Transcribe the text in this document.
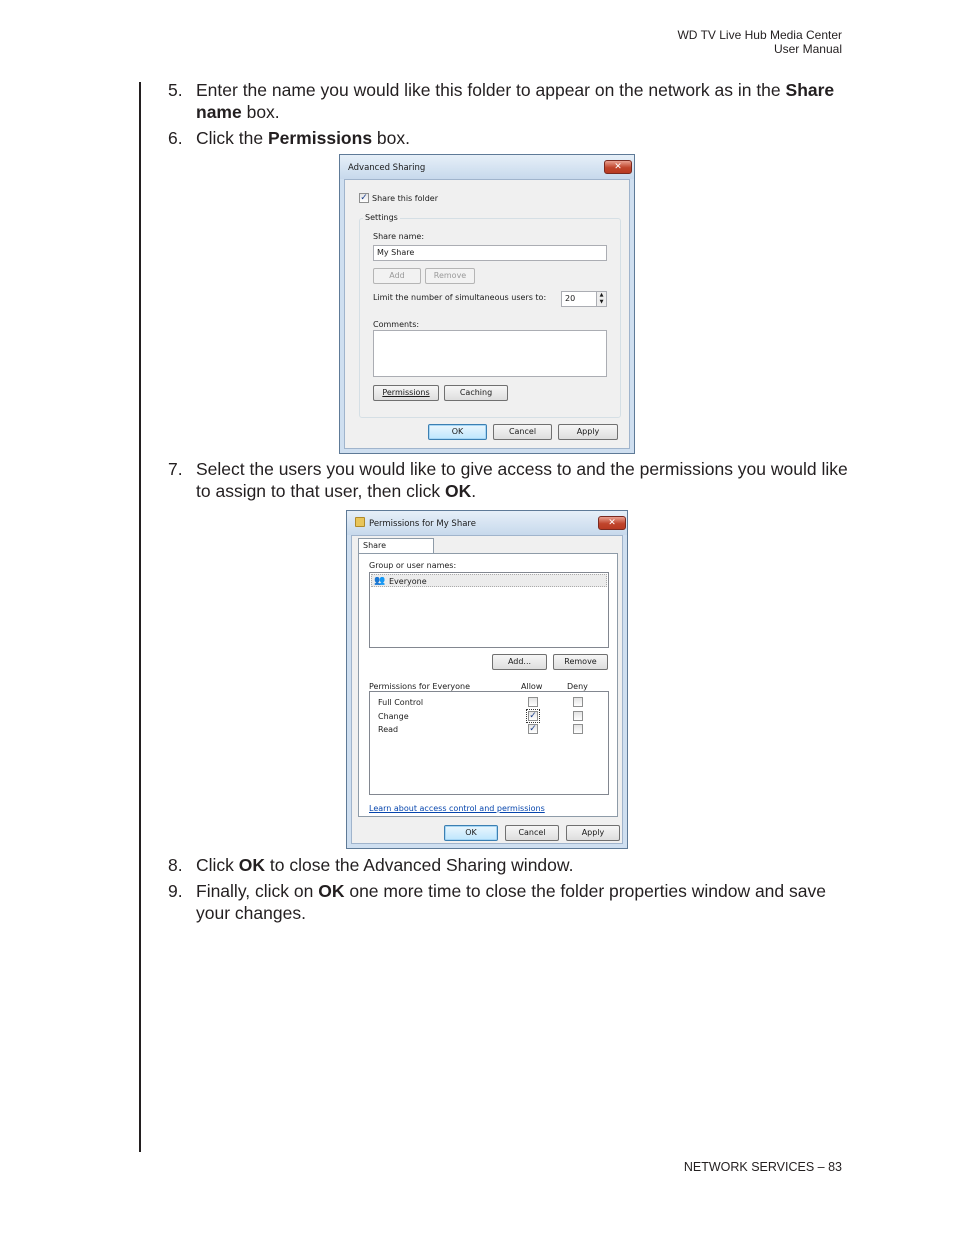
WD TV Live Hub Media Center
User Manual
5. Enter the name you would like this folder to appear on the network as in the Share name box.
6. Click the Permissions box.
Advanced Sharing	✕
✓ Share this folder
Settings
Share name:
My Share
Add	Remove
Limit the number of simultaneous users to:	20	▲
▼
Comments:
Permissions	Caching
OK	Cancel	Apply
7. Select the users you would like to give access to and the permissions you would like to assign to that user, then click OK.
Permissions for My Share	✕
Share
Group or user names:
👥 Everyone
Add...	Remove
Permissions for Everyone	Allow	Deny
Full Control
Change	✓
Read	✓
Learn about access control and permissions
OK	Cancel	Apply
8. Click OK to close the Advanced Sharing window.
9. Finally, click on OK one more time to close the folder properties window and save your changes.
NETWORK SERVICES – 83
